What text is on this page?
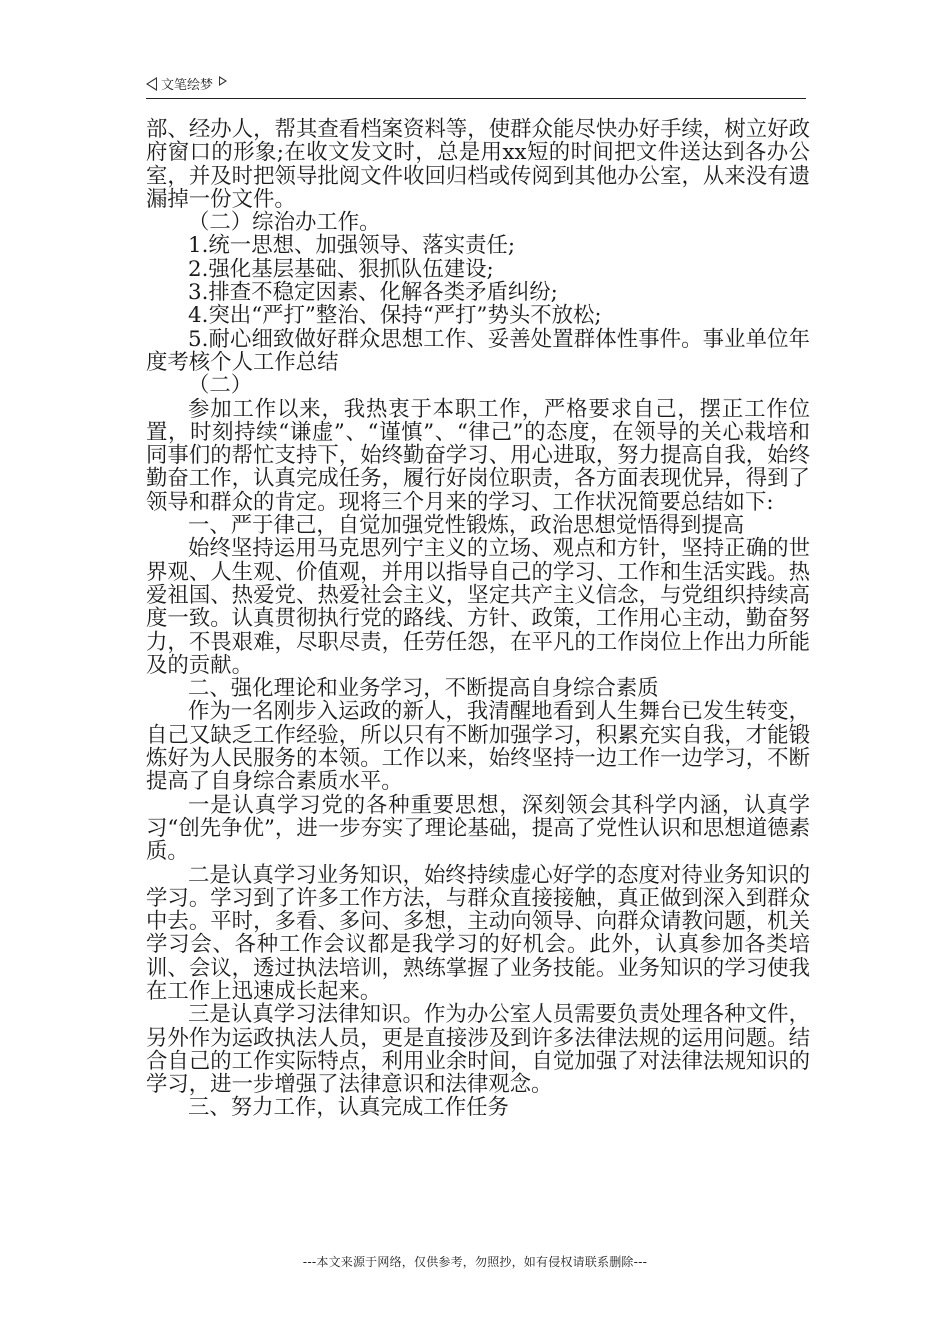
文笔绘梦

部、经办人，帮其查看档案资料等，使群众能尽快办好手续，树立好政府窗口的形象;在收文发文时，总是用xx短的时间把文件送达到各办公室，并及时把领导批阅文件收回归档或传阅到其他办公室，从来没有遗漏掉一份文件。

（二）综治办工作。

1.统一思想、加强领导、落实责任;

2.强化基层基础、狠抓队伍建设;

3.排查不稳定因素、化解各类矛盾纠纷;

4.突出“严打”整治、保持“严打”势头不放松;

5.耐心细致做好群众思想工作、妥善处置群体性事件。事业单位年度考核个人工作总结

（二）

参加工作以来，我热衷于本职工作，严格要求自己，摆正工作位置，时刻持续“谦虚”、“谨慎”、“律己”的态度，在领导的关心栽培和同事们的帮忙支持下，始终勤奋学习、用心进取，努力提高自我，始终勤奋工作，认真完成任务，履行好岗位职责，各方面表现优异，得到了领导和群众的肯定。现将三个月来的学习、工作状况简要总结如下:

一、严于律己，自觉加强党性锻炼，政治思想觉悟得到提高

始终坚持运用马克思列宁主义的立场、观点和方针，坚持正确的世界观、人生观、价值观，并用以指导自己的学习、工作和生活实践。热爱祖国、热爱党、热爱社会主义，坚定共产主义信念，与党组织持续高度一致。认真贯彻执行党的路线、方针、政策，工作用心主动，勤奋努力，不畏艰难，尽职尽责，任劳任怨，在平凡的工作岗位上作出力所能及的贡献。

二、强化理论和业务学习，不断提高自身综合素质

作为一名刚步入运政的新人，我清醒地看到人生舞台已发生转变，自己又缺乏工作经验，所以只有不断加强学习，积累充实自我，才能锻炼好为人民服务的本领。工作以来，始终坚持一边工作一边学习，不断提高了自身综合素质水平。

一是认真学习党的各种重要思想，深刻领会其科学内涵，认真学习“创先争优”，进一步夯实了理论基础，提高了党性认识和思想道德素质。

二是认真学习业务知识，始终持续虚心好学的态度对待业务知识的学习。学习到了许多工作方法，与群众直接接触，真正做到深入到群众中去。平时，多看、多问、多想，主动向领导、向群众请教问题，机关学习会、各种工作会议都是我学习的好机会。此外，认真参加各类培训、会议，透过执法培训，熟练掌握了业务技能。业务知识的学习使我在工作上迅速成长起来。

三是认真学习法律知识。作为办公室人员需要负责处理各种文件，另外作为运政执法人员，更是直接涉及到许多法律法规的运用问题。结合自己的工作实际特点，利用业余时间，自觉加强了对法律法规知识的学习，进一步增强了法律意识和法律观念。

三、努力工作，认真完成工作任务

---本文来源于网络，仅供参考，勿照抄，如有侵权请联系删除---
